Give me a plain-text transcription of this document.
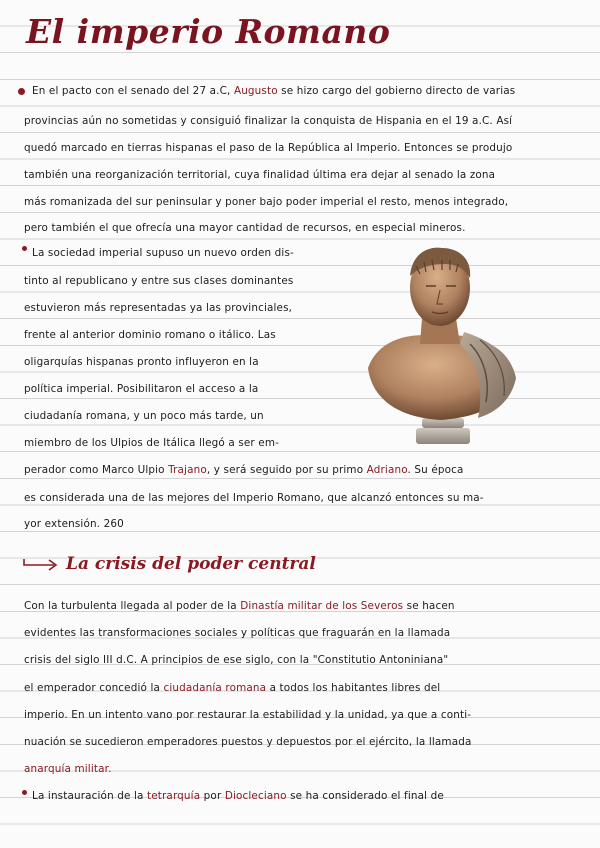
El imperio Romano
En el pacto con el senado del 27 a.C, Augusto se hizo cargo del gobierno directo de varias
provincias aún no sometidas y consiguió finalizar la conquista de Hispania en el 19 a.C. Así
quedó marcado en tierras hispanas el paso de la República al Imperio. Entonces se produjo
también una reorganización territorial, cuya finalidad última era dejar al senado la zona
más romanizada del sur peninsular y poner bajo poder imperial el resto, menos integrado,
pero también el que ofrecía una mayor cantidad de recursos, en especial mineros.
La sociedad imperial supuso un nuevo orden dis-
tinto al republicano y entre sus clases dominantes
estuvieron más representadas ya las provinciales,
frente al anterior dominio romano o itálico. Las
oligarquías hispanas pronto influyeron en la
política imperial. Posibilitaron el acceso a la
ciudadanía romana, y un poco más tarde, un
miembro de los Ulpios de Itálica llegó a ser em-
perador como Marco Ulpio Trajano, y será seguido por su primo Adriano. Su época
es considerada una de las mejores del Imperio Romano, que alcanzó entonces su ma-
yor extensión. 260
La crisis del poder central
Con la turbulenta llegada al poder de la Dinastía militar de los Severos se hacen
evidentes las transformaciones sociales y políticas que fraguarán en la llamada
crisis del siglo III d.C. A principios de ese siglo, con la "Constitutio Antoniniana"
el emperador concedió la ciudadanía romana a todos los habitantes libres del
imperio. En un intento vano por restaurar la estabilidad y la unidad, ya que a conti-
nuación se sucedieron emperadores puestos y depuestos por el ejército, la llamada
anarquía militar.
La instauración de la tetrarquía por Diocleciano se ha considerado el final de
